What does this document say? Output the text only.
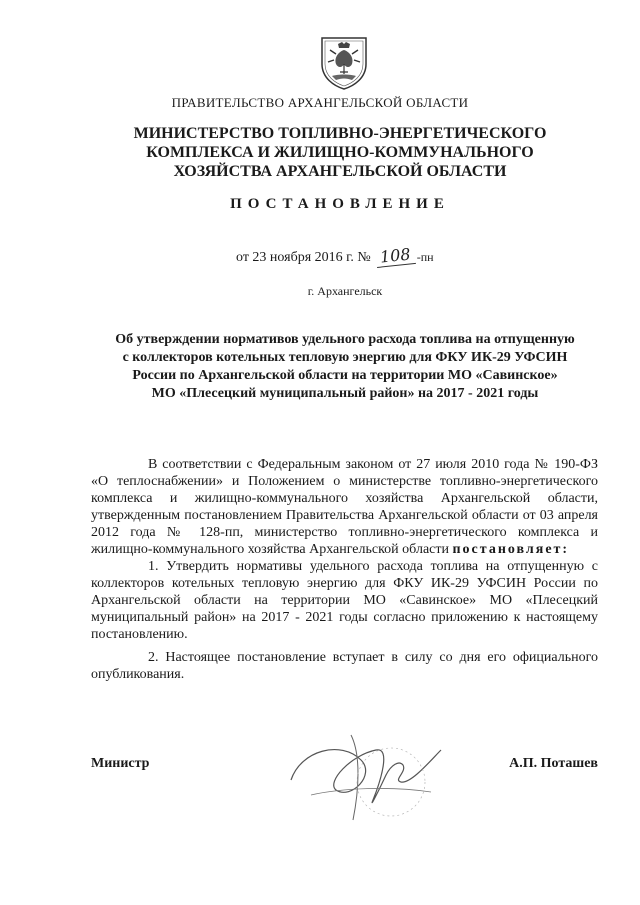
ПРАВИТЕЛЬСТВО АРХАНГЕЛЬСКОЙ ОБЛАСТИ
МИНИСТЕРСТВО ТОПЛИВНО-ЭНЕРГЕТИЧЕСКОГО
КОМПЛЕКСА И ЖИЛИЩНО-КОММУНАЛЬНОГО
ХОЗЯЙСТВА АРХАНГЕЛЬСКОЙ ОБЛАСТИ
ПОСТАНОВЛЕНИЕ
от 23 ноября 2016 г. № 108 -пн
г. Архангельск
Об утверждении нормативов удельного расхода топлива на отпущенную
с коллекторов котельных тепловую энергию для ФКУ ИК-29 УФСИН
России по Архангельской области на территории МО «Савинское»
МО «Плесецкий муниципальный район» на 2017 - 2021 годы

В соответствии с Федеральным законом от 27 июля 2010 года № 190-ФЗ «О теплоснабжении» и Положением о министерстве топливно-энергетического комплекса и жилищно-коммунального хозяйства Архангельской области, утвержденным постановлением Правительства Архангельской области от 03 апреля 2012 года № 128-пп, министерство топливно-энергетического комплекса и жилищно-коммунального хозяйства Архангельской области постановляет:

1. Утвердить нормативы удельного расхода топлива на отпущенную с коллекторов котельных тепловую энергию для ФКУ ИК-29 УФСИН России по Архангельской области на территории МО «Савинское» МО «Плесецкий муниципальный район» на 2017 - 2021 годы согласно приложению к настоящему постановлению.

2. Настоящее постановление вступает в силу со дня его официального опубликования.

Министр	А.П. Поташев
